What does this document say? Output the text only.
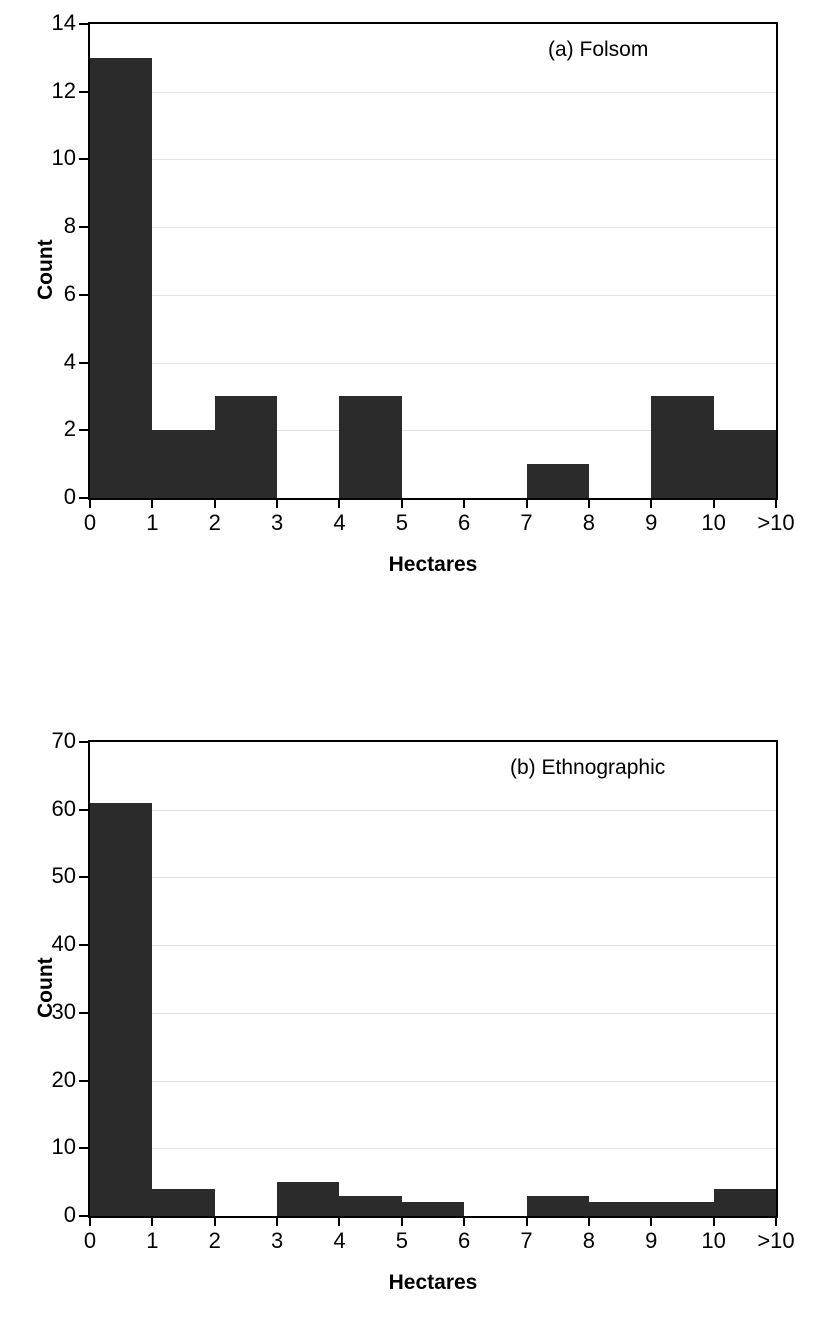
(a) Folsom
0
2
4
6
8
10
12
14
0	1	2	3	4	5	6	7	8	9	10	>10
Count
Hectares
(b) Ethnographic
0
10
20
30
40
50
60
70
0	1	2	3	4	5	6	7	8	9	10	>10
Count
Hectares
